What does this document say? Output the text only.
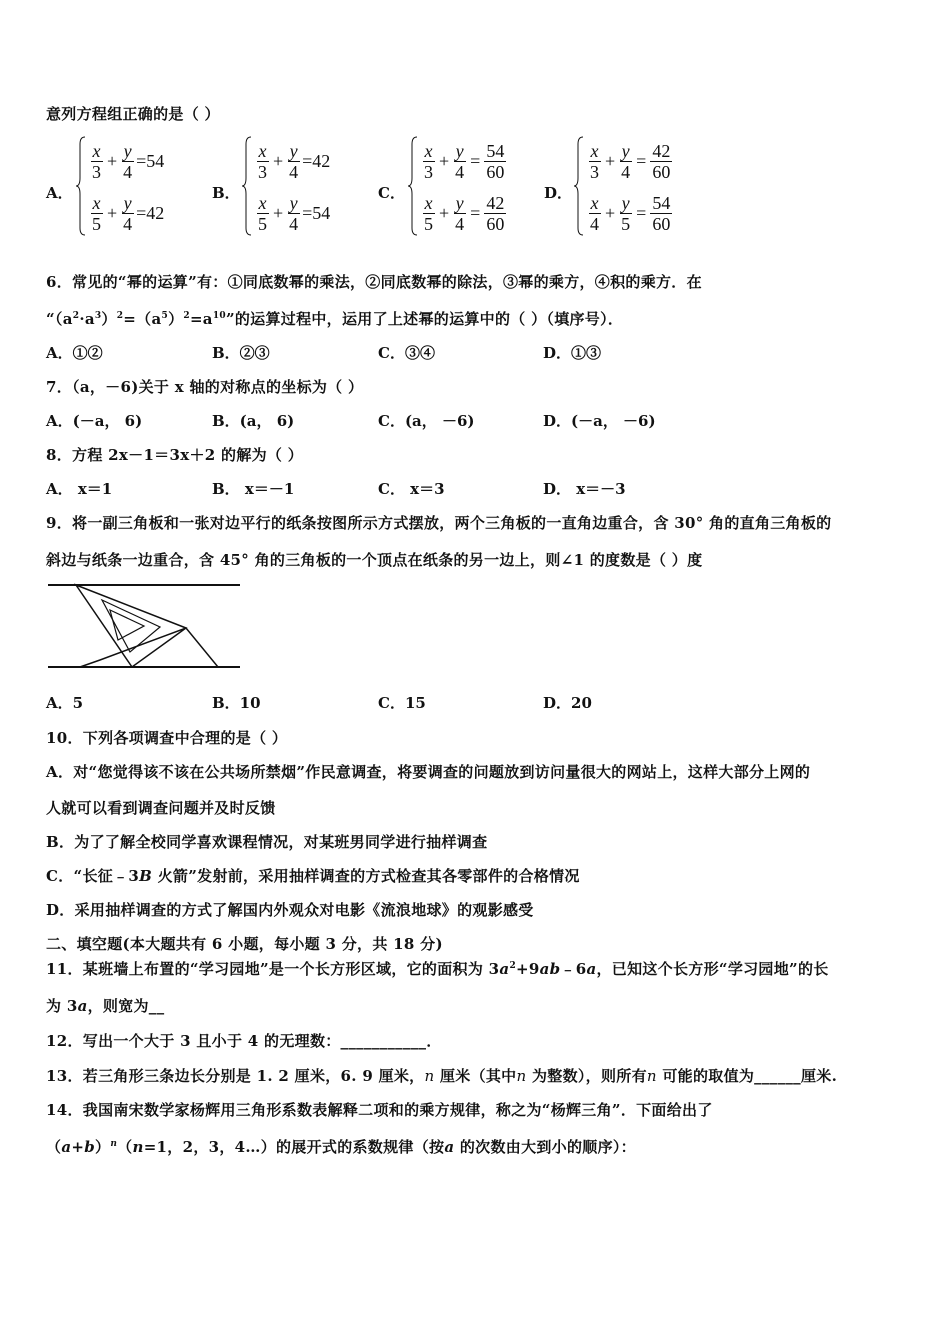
意列方程组正确的是（ ）
A．
$\frac{x}{3} + \frac{y}{4} =54$
$\frac{x}{5} + \frac{y}{4} =42$
B．
$\frac{x}{3} + \frac{y}{4} =42$
$\frac{x}{5} + \frac{y}{4} =54$
C．
$\frac{x}{3} + \frac{y}{4} = \frac{54}{60}$
$\frac{x}{5} + \frac{y}{4} = \frac{42}{60}$	D．
$\frac{x}{3} + \frac{y}{4} = \frac{42}{60}$
$\frac{x}{4} + \frac{y}{5} = \frac{54}{60}$
6．常见的“幂的运算”有：①同底数幂的乘法，②同底数幂的除法，③幂的乘方，④积的乘方．在
“$(a^2\cdot a^3)^2=(a^5)^2=a^{10}$”的运算过程中，运用了上述幂的运算中的（ ）（填序号）．
A．①②	B．②③	C．③④	D．①③
7．（a，－6)关于 x 轴的对称点的坐标为（ ）
A．(－a， 6)	B．(a， 6)	C．(a， －6)	D．(－a， －6)
8．方程 2x－1＝3x＋2 的解为（ ）
A． x＝1	B． x＝－1	C． x＝3	D． x＝－3
9．将一副三角板和一张对边平行的纸条按图所示方式摆放，两个三角板的一直角边重合，含 30° 角的直角三角板的
斜边与纸条一边重合，含 45° 角的三角板的一个顶点在纸条的另一边上，则∠1 的度数是（ ）度
A．5	B．10	C．15	D．20
10．下列各项调查中合理的是（ ）
A．对“您觉得该不该在公共场所禁烟”作民意调查，将要调查的问题放到访问量很大的网站上，这样大部分上网的
人就可以看到调查问题并及时反馈
B．为了了解全校同学喜欢课程情况，对某班男同学进行抽样调查
C．“长征﹣3B 火箭”发射前，采用抽样调查的方式检查其各零部件的合格情况
D．采用抽样调查的方式了解国内外观众对电影《流浪地球》的观影感受
二、填空题(本大题共有 6 小题，每小题 3 分，共 18 分)
11．某班墙上布置的“学习园地”是一个长方形区域，它的面积为 $3a^2+9ab﹣6a$，已知这个长方形“学习园地”的长
为 3a，则宽为__
12．写出一个大于 3 且小于 4 的无理数：___________．
13．若三角形三条边长分别是 1. 2 厘米，6. 9 厘米，n 厘米（其中n 为整数），则所有n 可能的取值为______厘米.
14．我国南宋数学家杨辉用三角形系数表解释二项和的乘方规律，称之为“杨辉三角”．下面给出了
$(a+b)^n(n=1$，2，3，4…）的展开式的系数规律（按a 的次数由大到小的顺序）：
